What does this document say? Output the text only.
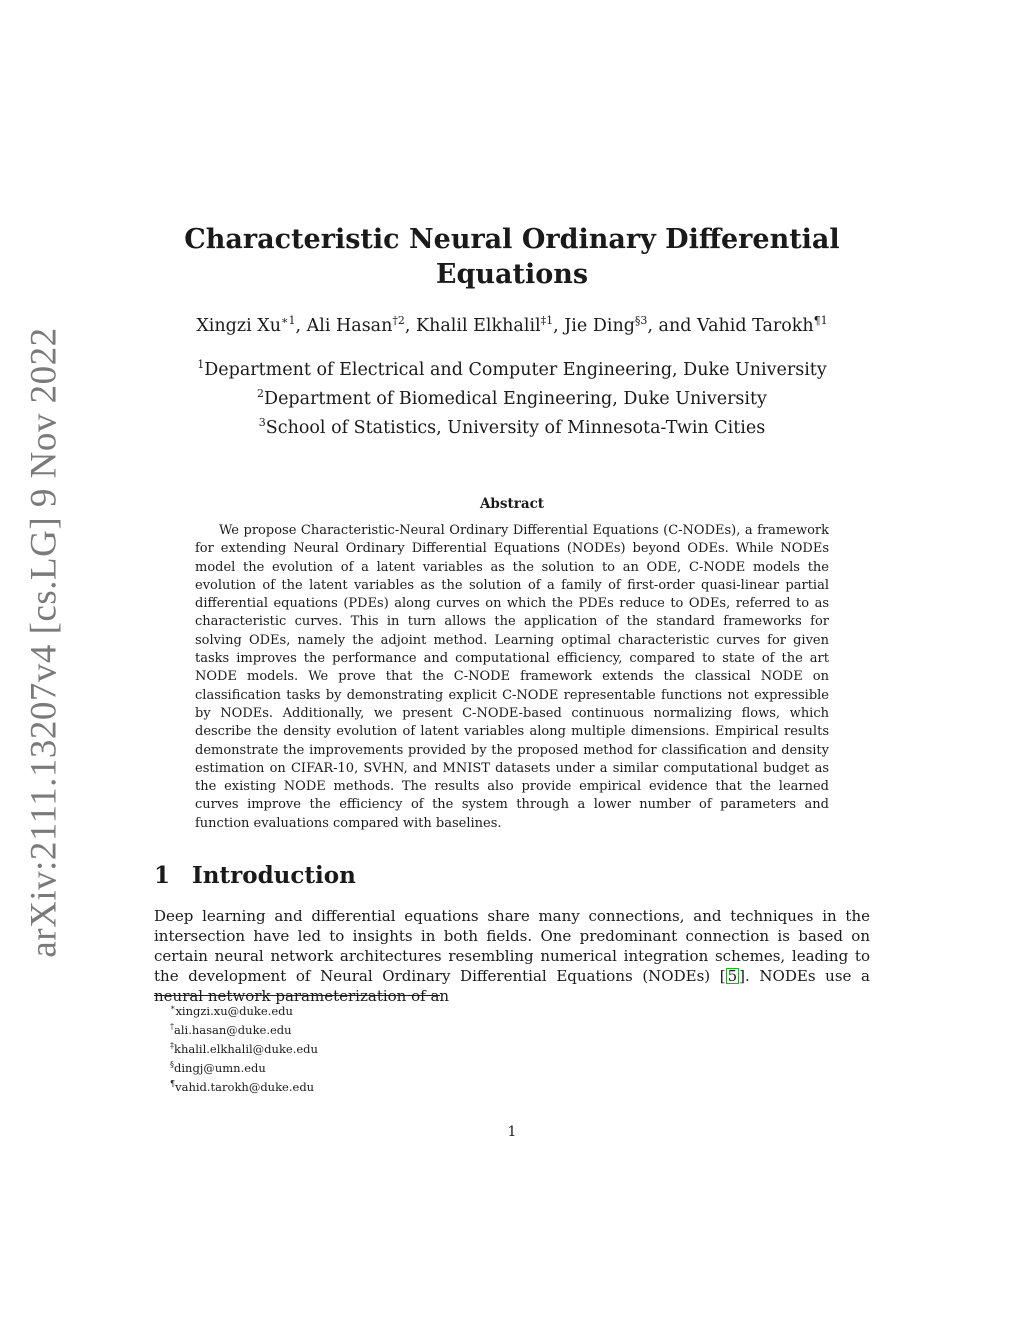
arXiv:2111.13207v4 [cs.LG] 9 Nov 2022
Characteristic Neural Ordinary Differential Equations
Xingzi $Xu^{∗1}$, Ali Hasan$^{\dagger 2}$, Khalil Elkhalil$^{\ddagger 1}$, Jie Ding$^{\S 3}$, and Vahid Tarokh$^{\P 1}$
$^1$Department of Electrical and Computer Engineering, Duke University
$^2$Department of Biomedical Engineering, Duke University
$^3$School of Statistics, University of Minnesota-Twin Cities
Abstract

We propose Characteristic-Neural Ordinary Differential Equations (C-NODEs), a framework for extending Neural Ordinary Differential Equations (NODEs) beyond ODEs. While NODEs model the evolution of a latent variables as the solution to an ODE, C-NODE models the evolution of the latent variables as the solution of a family of first-order quasi-linear partial differential equations (PDEs) along curves on which the PDEs reduce to ODEs, referred to as characteristic curves. This in turn allows the application of the standard frameworks for solving ODEs, namely the adjoint method. Learning optimal characteristic curves for given tasks improves the performance and computational efficiency, compared to state of the art NODE models. We prove that the C-NODE framework extends the classical NODE on classification tasks by demonstrating explicit C-NODE representable functions not expressible by NODEs. Additionally, we present C-NODE-based continuous normalizing flows, which describe the density evolution of latent variables along multiple dimensions. Empirical results demonstrate the improvements provided by the proposed method for classification and density estimation on CIFAR-10, SVHN, and MNIST datasets under a similar computational budget as the existing NODE methods. The results also provide empirical evidence that the learned curves improve the efficiency of the system through a lower number of parameters and function evaluations compared with baselines.

1 Introduction

Deep learning and differential equations share many connections, and techniques in the intersection have led to insights in both fields. One predominant connection is based on certain neural network architectures resembling numerical integration schemes, leading to the development of Neural Ordinary Differential Equations (NODEs) [ 5 ]. NODEs use a neural network parameterization of an

∗xingzi.xu@duke.edu
†ali.hasan@duke.edu
‡khalil.elkhalil@duke.edu
§dingj@umn.edu
¶vahid.tarokh@duke.edu
1
